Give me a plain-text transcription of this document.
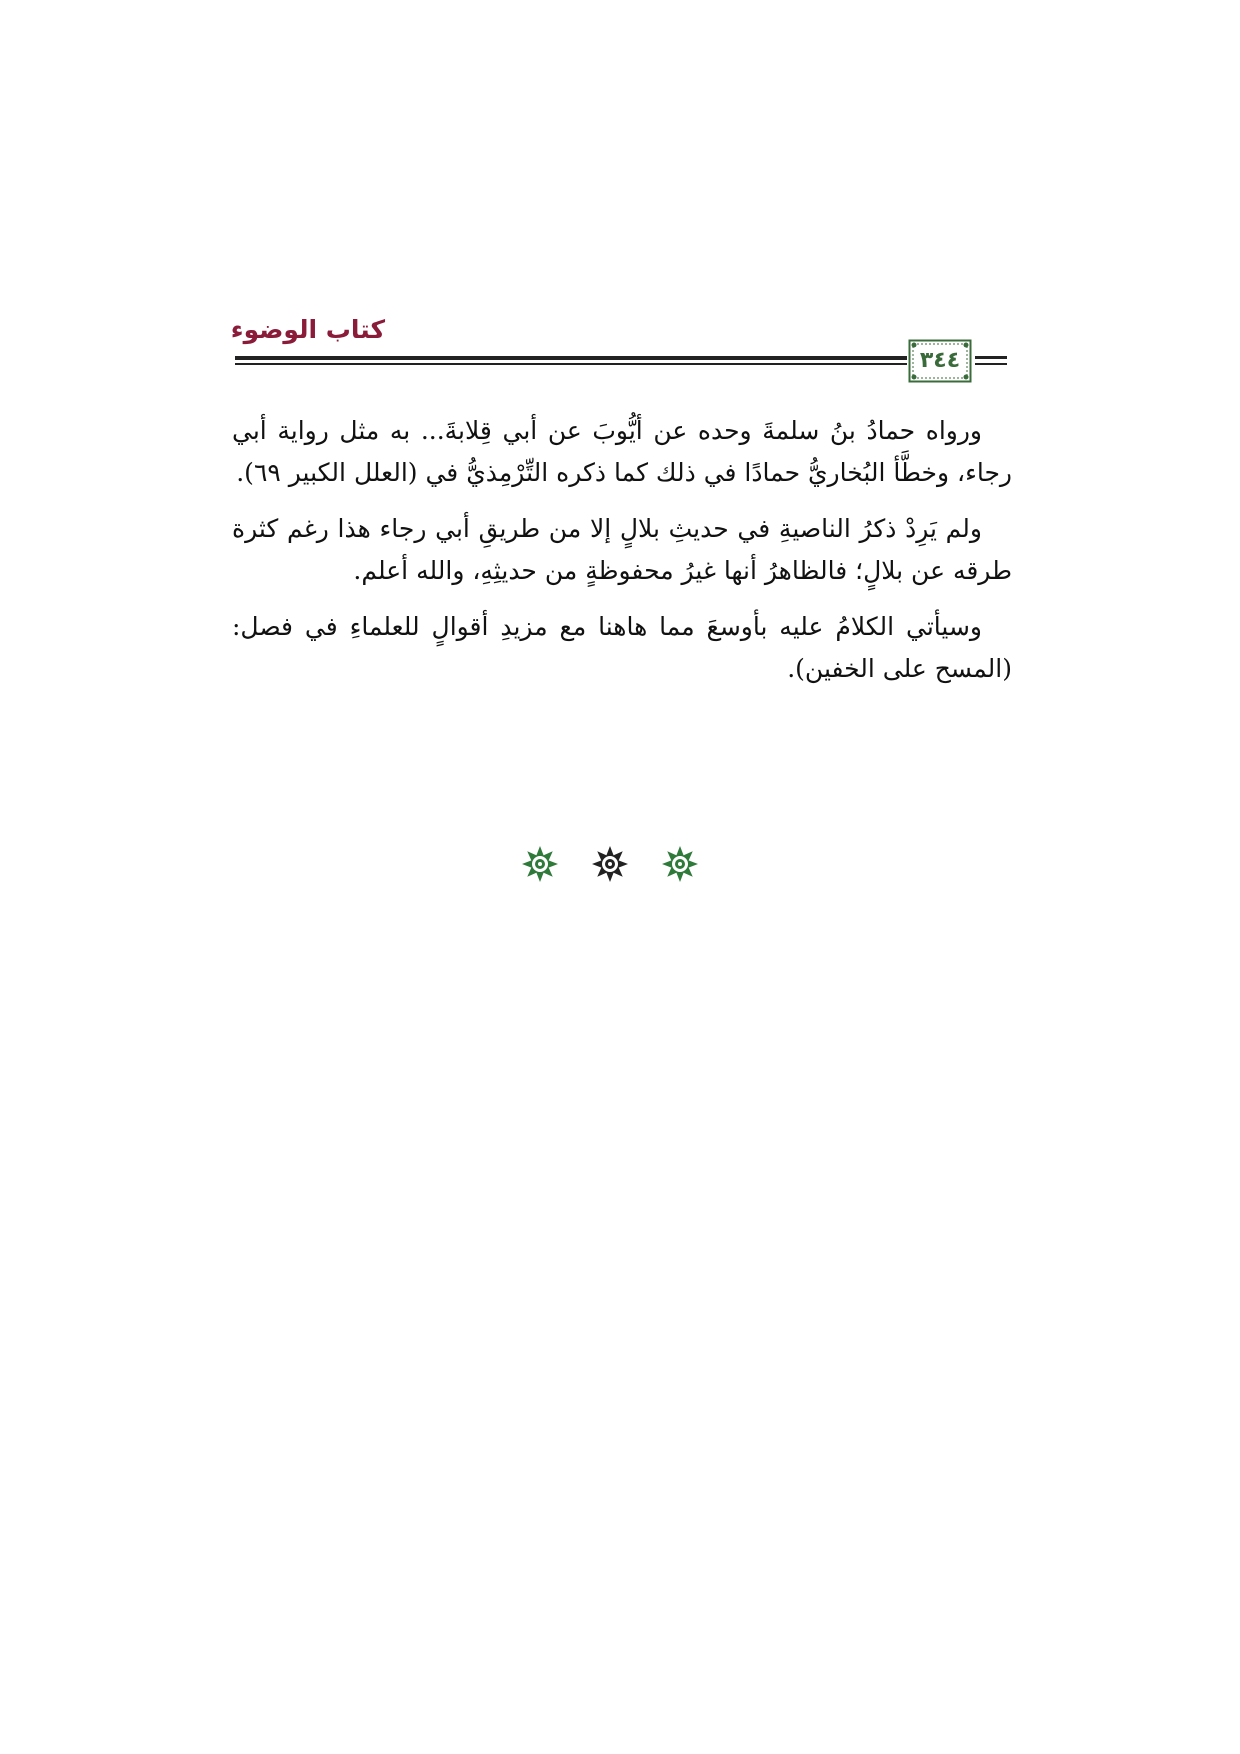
كتاب الوضوء
٣٤٤

ورواه حمادُ بنُ سلمةَ وحده عن أيُّوبَ عن أبي قِلابةَ... به مثل رواية أبي رجاء، وخطَّأ البُخاريُّ حمادًا في ذلك كما ذكره التِّرْمِذيُّ في (العلل الكبير ٦٩).

ولم يَرِدْ ذكرُ الناصيةِ في حديثِ بلالٍ إلا من طريقِ أبي رجاء هذا رغم كثرة طرقه عن بلالٍ؛ فالظاهرُ أنها غيرُ محفوظةٍ من حديثِهِ، والله أعلم.

وسيأتي الكلامُ عليه بأوسعَ مما هاهنا مع مزيدِ أقوالٍ للعلماءِ في فصل: (المسح على الخفين).
